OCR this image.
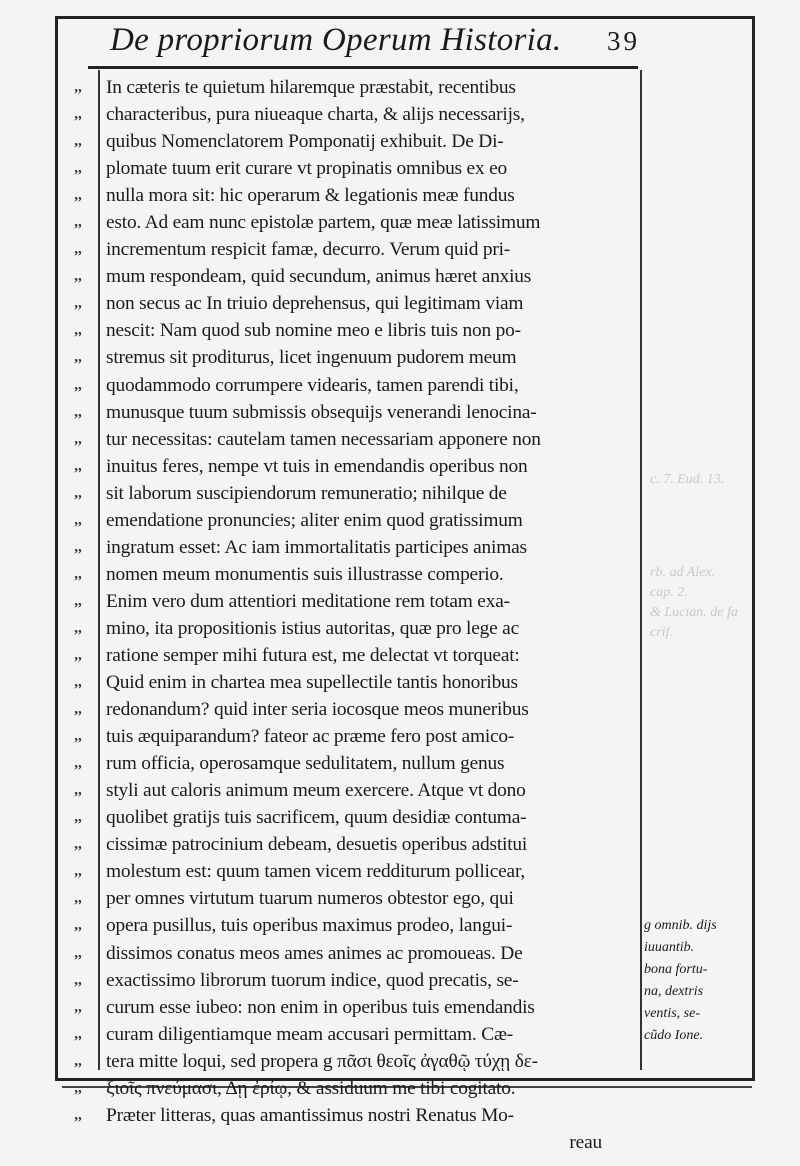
De propriorum Operum Historia. 39
,,
,,
,,
,,
,,
,,
,,
,,
,,
,,
,,
,,
,,
,,
,,
,,
,,
,,
,,
,,
,,
,,
,,
,,
,,
,,
,,
,,
,,
,,
,,
,,
,,
,,
,,
,,
,,
,,
,,
In cæteris te quietum hilaremque præstabit, recentibus
characteribus, pura niueaque charta, & alijs necessarijs,
quibus Nomenclatorem Pomponatij exhibuit. De Di-
plomate tuum erit curare vt propinatis omnibus ex eo
nulla mora sit: hic operarum & legationis meæ fundus
esto. Ad eam nunc epistolæ partem, quæ meæ latissimum
incrementum respicit famæ, decurro. Verum quid pri-
mum respondeam, quid secundum, animus hæret anxius
non secus ac In triuio deprehensus, qui legitimam viam
nescit: Nam quod sub nomine meo e libris tuis non po-
stremus sit proditurus, licet ingenuum pudorem meum
quodammodo corrumpere videaris, tamen parendi tibi,
munusque tuum submissis obsequijs venerandi lenocina-
tur necessitas: cautelam tamen necessariam apponere non
inuitus feres, nempe vt tuis in emendandis operibus non
sit laborum suscipiendorum remuneratio; nihilque de
emendatione pronuncies; aliter enim quod gratissimum
ingratum esset: Ac iam immortalitatis participes animas
nomen meum monumentis suis illustrasse comperio.
Enim vero dum attentiori meditatione rem totam exa-
mino, ita propositionis istius autoritas, quæ pro lege ac
ratione semper mihi futura est, me delectat vt torqueat:
Quid enim in chartea mea supellectile tantis honoribus
redonandum? quid inter seria iocosque meos muneribus
tuis æquiparandum? fateor ac præme fero post amico-
rum officia, operosamque sedulitatem, nullum genus
styli aut caloris animum meum exercere. Atque vt dono
quolibet gratijs tuis sacrificem, quum desidiæ contuma-
cissimæ patrocinium debeam, desuetis operibus adstitui
molestum est: quum tamen vicem redditurum pollicear,
per omnes virtutum tuarum numeros obtestor ego, qui
opera pusillus, tuis operibus maximus prodeo, langui-
dissimos conatus meos ames animes ac promoueas. De
exactissimo librorum tuorum indice, quod precatis, se-
curum esse iubeo: non enim in operibus tuis emendandis
curam diligentiamque meam accusari permittam. Cæ-
tera mitte loqui, sed propera g πᾶσι θεοῖς ἀγαθῷ τύχῃ δε-
ξιοῖς πνεύμασι, Δῃ ἐρίῳ, & assiduum me tibi cogitato.
Præter litteras, quas amantissimus nostri Renatus Mo-
reau
c. 7. Eud. 13.
rb. ad Alex.
cap. 2.
& Lucian. de fa
crif.
g omnib. dijs
iuuantib.
bona fortu-
na, dextris
ventis, se-
cũdo Ione.
